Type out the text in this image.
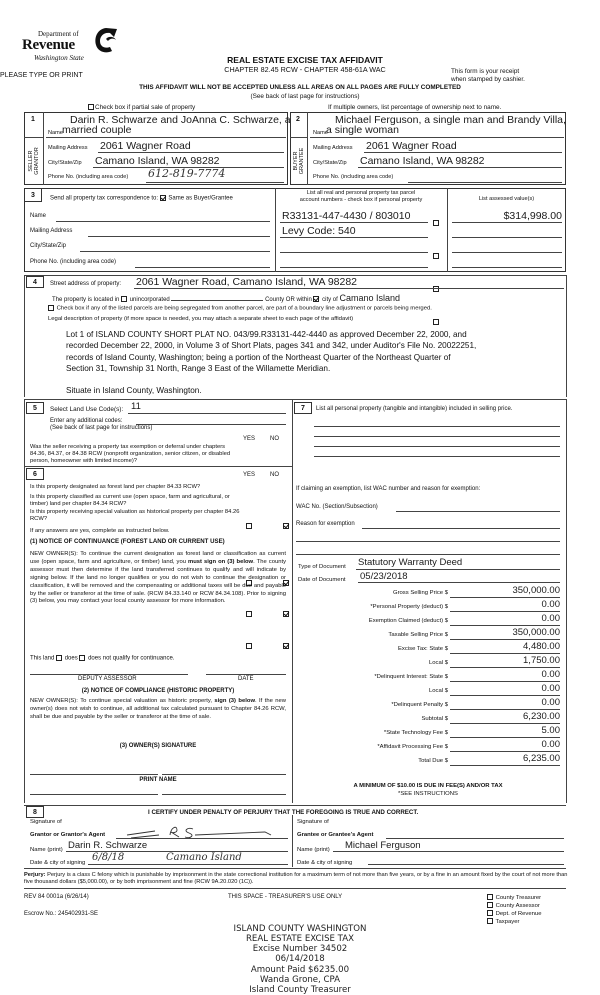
Department of
Revenue
Washington State
PLEASE TYPE OR PRINT
REAL ESTATE EXCISE TAX AFFIDAVIT
CHAPTER 82.45 RCW - CHAPTER 458-61A WAC	This form is your receipt
when stamped by cashier.
THIS AFFIDAVIT WILL NOT BE ACCEPTED UNLESS ALL AREAS ON ALL PAGES ARE FULLY COMPLETED
(See back of last page for instructions)
Check box if partial sale of property	If multiple owners, list percentage of ownership next to name.
1
SELLER GRANTOR
Darin R. Schwarze and JoAnna C. Schwarze, a
Name married couple
Mailing Address 2061 Wagner Road
City/State/Zip Camano Island, WA 98282
Phone No. (including area code) 612-819-7774
2
BUYER GRANTEE
Michael Ferguson, a single man and Brandy Villa,
Name
a single woman
Mailing Address 2061 Wagner Road
City/State/Zip Camano Island, WA 98282
Phone No. (including area code)
3	Send all property tax correspondence to: Same as Buyer/Grantee
Name
Mailing Address
City/State/Zip
Phone No. (including area code)
List all real and personal property tax parcel
account numbers - check box if personal property	List assessed value(s)
R33131-447-4430 / 803010	$314,998.00
Levy Code: 540
4	Street address of property: 2061 Wagner Road, Camano Island, WA 98282
The property is located in unincorporated	County OR within city of Camano Island
Check box if any of the listed parcels are being segregated from another parcel, are part of a boundary line adjustment or parcels being merged.
Legal description of property (if more space is needed, you may attach a separate sheet to each page of the affidavit)
Lot 1 of ISLAND COUNTY SHORT PLAT NO. 043/99.R33131-442-4440 as approved December 22, 2000, and
recorded December 22, 2000, in Volume 3 of Short Plats, pages 341 and 342, under Auditor's File No. 20022251,
records of Island County, Washington; being a portion of the Northeast Quarter of the Northeast Quarter of
Section 31, Township 31 North, Range 3 East of the Willamette Meridian.
Situate in Island County, Washington.
5	Select Land Use Code(s): 11
Enter any additional codes:
(See back of last page for instructions)
YES NO
Was the seller receiving a property tax exemption or deferral under chapters 84.36, 84.37, or 84.38 RCW (nonprofit organization, senior citizen, or disabled person, homeowner with limited income)?

6	YES NO
Is this property designated as forest land per chapter 84.33 RCW?

Is this property classified as current use (open space, farm and agricultural, or timber) land per chapter 84.34 RCW?

Is this property receiving special valuation as historical property per chapter 84.26 RCW?

If any answers are yes, complete as instructed below.
(1) NOTICE OF CONTINUANCE (FOREST LAND OR CURRENT USE)
NEW OWNER(S): To continue the current designation as forest land or classification as current use (open space, farm and agriculture, or timber) land, you must sign on (3) below. The county assessor must then determine if the land transferred continues to qualify and will indicate by signing below. If the land no longer qualifies or you do not wish to continue the designation or classification, it will be removed and the compensating or additional taxes will be due and payable by the seller or transferor at the time of sale. (RCW 84.33.140 or RCW 84.34.108). Prior to signing (3) below, you may contact your local county assessor for more information.
This land does does not qualify for continuance.
DEPUTY ASSESSOR	DATE
(2) NOTICE OF COMPLIANCE (HISTORIC PROPERTY)
NEW OWNER(S): To continue special valuation as historic property, sign (3) below. If the new owner(s) does not wish to continue, all additional tax calculated pursuant to Chapter 84.26 RCW, shall be due and payable by the seller or transferor at the time of sale.
(3) OWNER(S) SIGNATURE
PRINT NAME
7	List all personal property (tangible and intangible) included in selling price.
If claiming an exemption, list WAC number and reason for exemption:
WAC No. (Section/Subsection)
Reason for exemption
Type of Document Statutory Warranty Deed
Date of Document 05/23/2018
Gross Selling Price $	350,000.00
*Personal Property (deduct) $	0.00
Exemption Claimed (deduct) $	0.00
Taxable Selling Price $	350,000.00
Excise Tax: State $	4,480.00
Local $	1,750.00
*Delinquent Interest: State $	0.00
Local $	0.00
*Delinquent Penalty $	0.00
Subtotal $	6,230.00
*State Technology Fee $	5.00
*Affidavit Processing Fee $	0.00
Total Due $	6,235.00
A MINIMUM OF $10.00 IS DUE IN FEE(S) AND/OR TAX
*SEE INSTRUCTIONS
8	I CERTIFY UNDER PENALTY OF PERJURY THAT THE FOREGOING IS TRUE AND CORRECT.
Signature of
Grantor or Grantor's Agent
Name (print) Darin R. Schwarze
Date & city of signing 6/8/18	Camano Island
Signature of
Grantee or Grantee's Agent
Name (print) Michael Ferguson
Date & city of signing
Perjury: Perjury is a class C felony which is punishable by imprisonment in the state correctional institution for a maximum term of not more than five years, or by a fine in an amount fixed by the court of not more than five thousand dollars ($5,000.00), or by both imprisonment and fine (RCW 9A.20.020 (1C)).
REV 84 0001a (6/26/14)	THIS SPACE - TREASURER'S USE ONLY
Escrow No.: 245402931-SE
County Treasurer
County Assessor
Dept. of Revenue
Taxpayer
ISLAND COUNTY WASHINGTON
REAL ESTATE EXCISE TAX
Excise Number 34502
06/14/2018
Amount Paid $6235.00
Wanda Grone, CPA
Island County Treasurer
